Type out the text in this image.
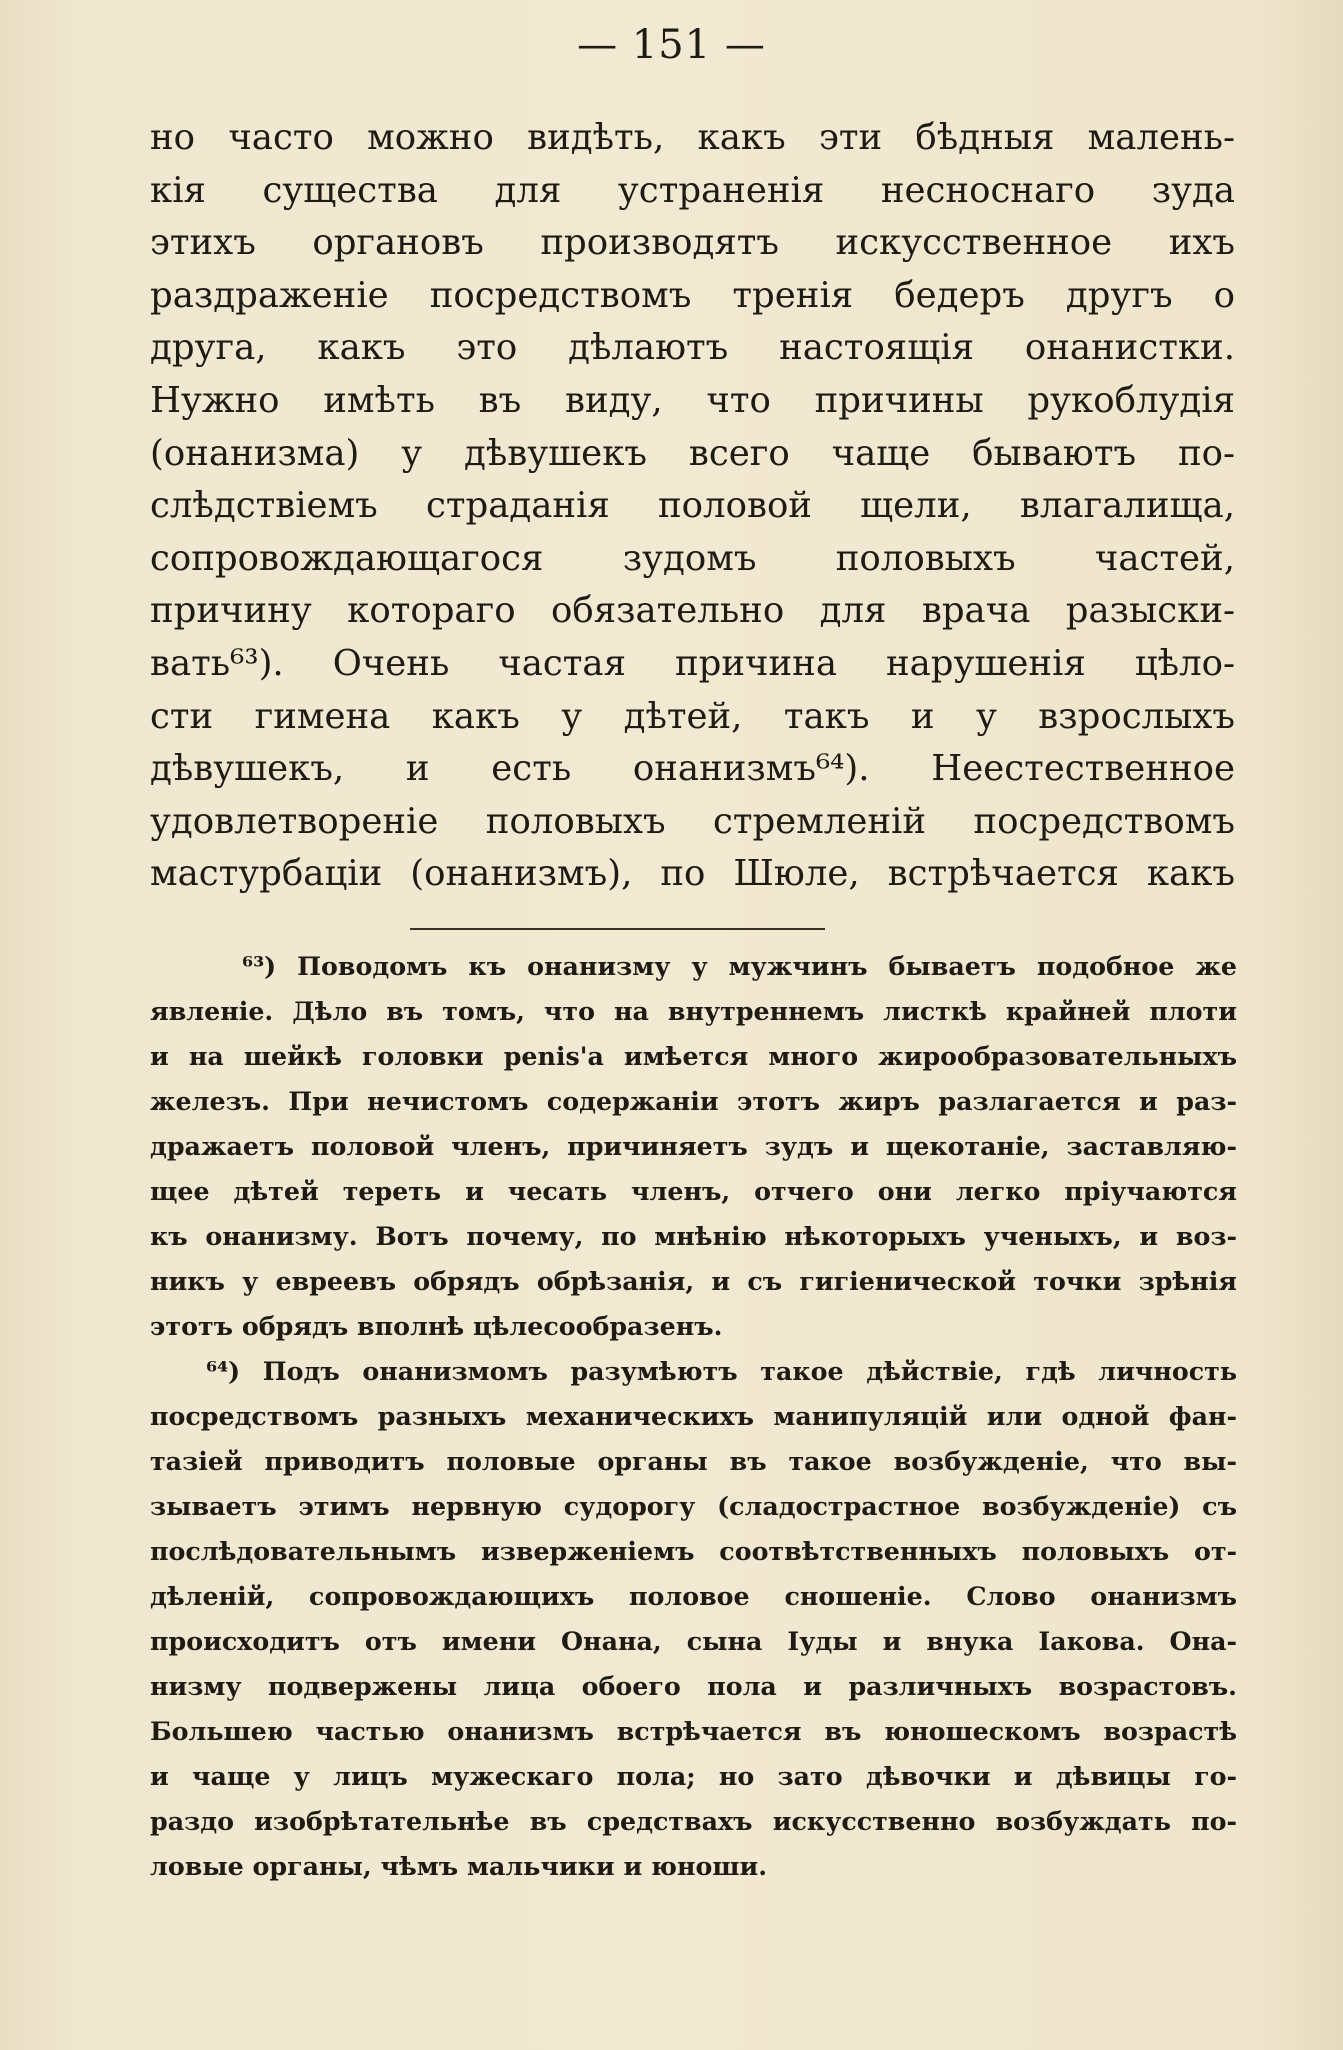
— 151 —
но часто можно видѣть, какъ эти бѣдныя малень-
кія существа для устраненія несноснаго зуда
этихъ органовъ производятъ искусственное ихъ
раздраженіе посредствомъ тренія бедеръ другъ о
друга, какъ это дѣлаютъ настоящія онанистки.
Нужно имѣть въ виду, что причины рукоблудія
(онанизма) у дѣвушекъ всего чаще бываютъ по-
слѣдствіемъ страданія половой щели, влагалища,
сопровождающагося зудомъ половыхъ частей,
причину котораго обязательно для врача разыски-
вать⁶³). Очень частая причина нарушенія цѣло-
сти гимена какъ у дѣтей, такъ и у взрослыхъ
дѣвушекъ, и есть онанизмъ⁶⁴). Неестественное
удовлетвореніе половыхъ стремленій посредствомъ
мастурбаціи (онанизмъ), по Шюле, встрѣчается какъ
⁶³) Поводомъ къ онанизму у мужчинъ бываетъ подобное же
явленіе. Дѣло въ томъ, что на внутреннемъ листкѣ крайней плоти
и на шейкѣ головки penis'а имѣется много жирообразовательныхъ
железъ. При нечистомъ содержаніи этотъ жиръ разлагается и раз-
дражаетъ половой членъ, причиняетъ зудъ и щекотаніе, заставляю-
щее дѣтей тереть и чесать членъ, отчего они легко пріучаются
къ онанизму. Вотъ почему, по мнѣнію нѣкоторыхъ ученыхъ, и воз-
никъ у евреевъ обрядъ обрѣзанія, и съ гигіенической точки зрѣнія
этотъ обрядъ вполнѣ цѣлесообразенъ.
⁶⁴) Подъ онанизмомъ разумѣютъ такое дѣйствіе, гдѣ личность
посредствомъ разныхъ механическихъ манипуляцій или одной фан-
тазіей приводитъ половые органы въ такое возбужденіе, что вы-
зываетъ этимъ нервную судорогу (сладострастное возбужденіе) съ
послѣдовательнымъ изверженіемъ соотвѣтственныхъ половыхъ от-
дѣленій, сопровождающихъ половое сношеніе. Слово онанизмъ
происходитъ отъ имени Онана, сына Іуды и внука Іакова. Она-
низму подвержены лица обоего пола и различныхъ возрастовъ.
Большею частью онанизмъ встрѣчается въ юношескомъ возрастѣ
и чаще у лицъ мужескаго пола; но зато дѣвочки и дѣвицы го-
раздо изобрѣтательнѣе въ средствахъ искусственно возбуждать по-
ловые органы, чѣмъ мальчики и юноши.
